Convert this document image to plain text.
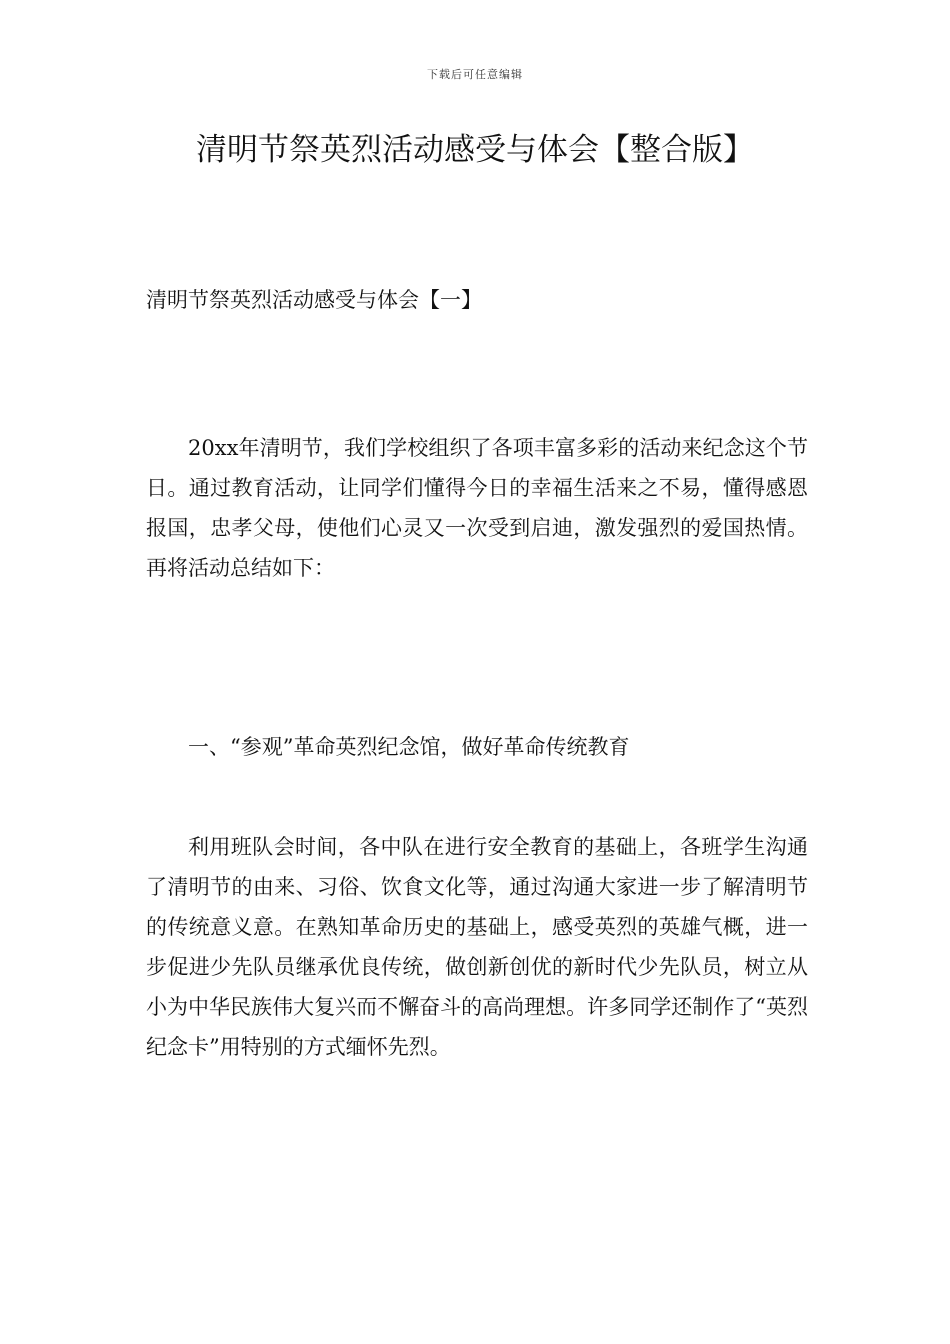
下载后可任意编辑
清明节祭英烈活动感受与体会【整合版】
清明节祭英烈活动感受与体会【一】

20xx年清明节，我们学校组织了各项丰富多彩的活动来纪念这个节日。通过教育活动，让同学们懂得今日的幸福生活来之不易，懂得感恩报国，忠孝父母，使他们心灵又一次受到启迪，激发强烈的爱国热情。再将活动总结如下：

一、“参观”革命英烈纪念馆，做好革命传统教育

利用班队会时间，各中队在进行安全教育的基础上，各班学生沟通了清明节的由来、习俗、饮食文化等，通过沟通大家进一步了解清明节的传统意义意。在熟知革命历史的基础上，感受英烈的英雄气概，进一步促进少先队员继承优良传统，做创新创优的新时代少先队员，树立从小为中华民族伟大复兴而不懈奋斗的高尚理想。许多同学还制作了“英烈纪念卡”用特别的方式缅怀先烈。
